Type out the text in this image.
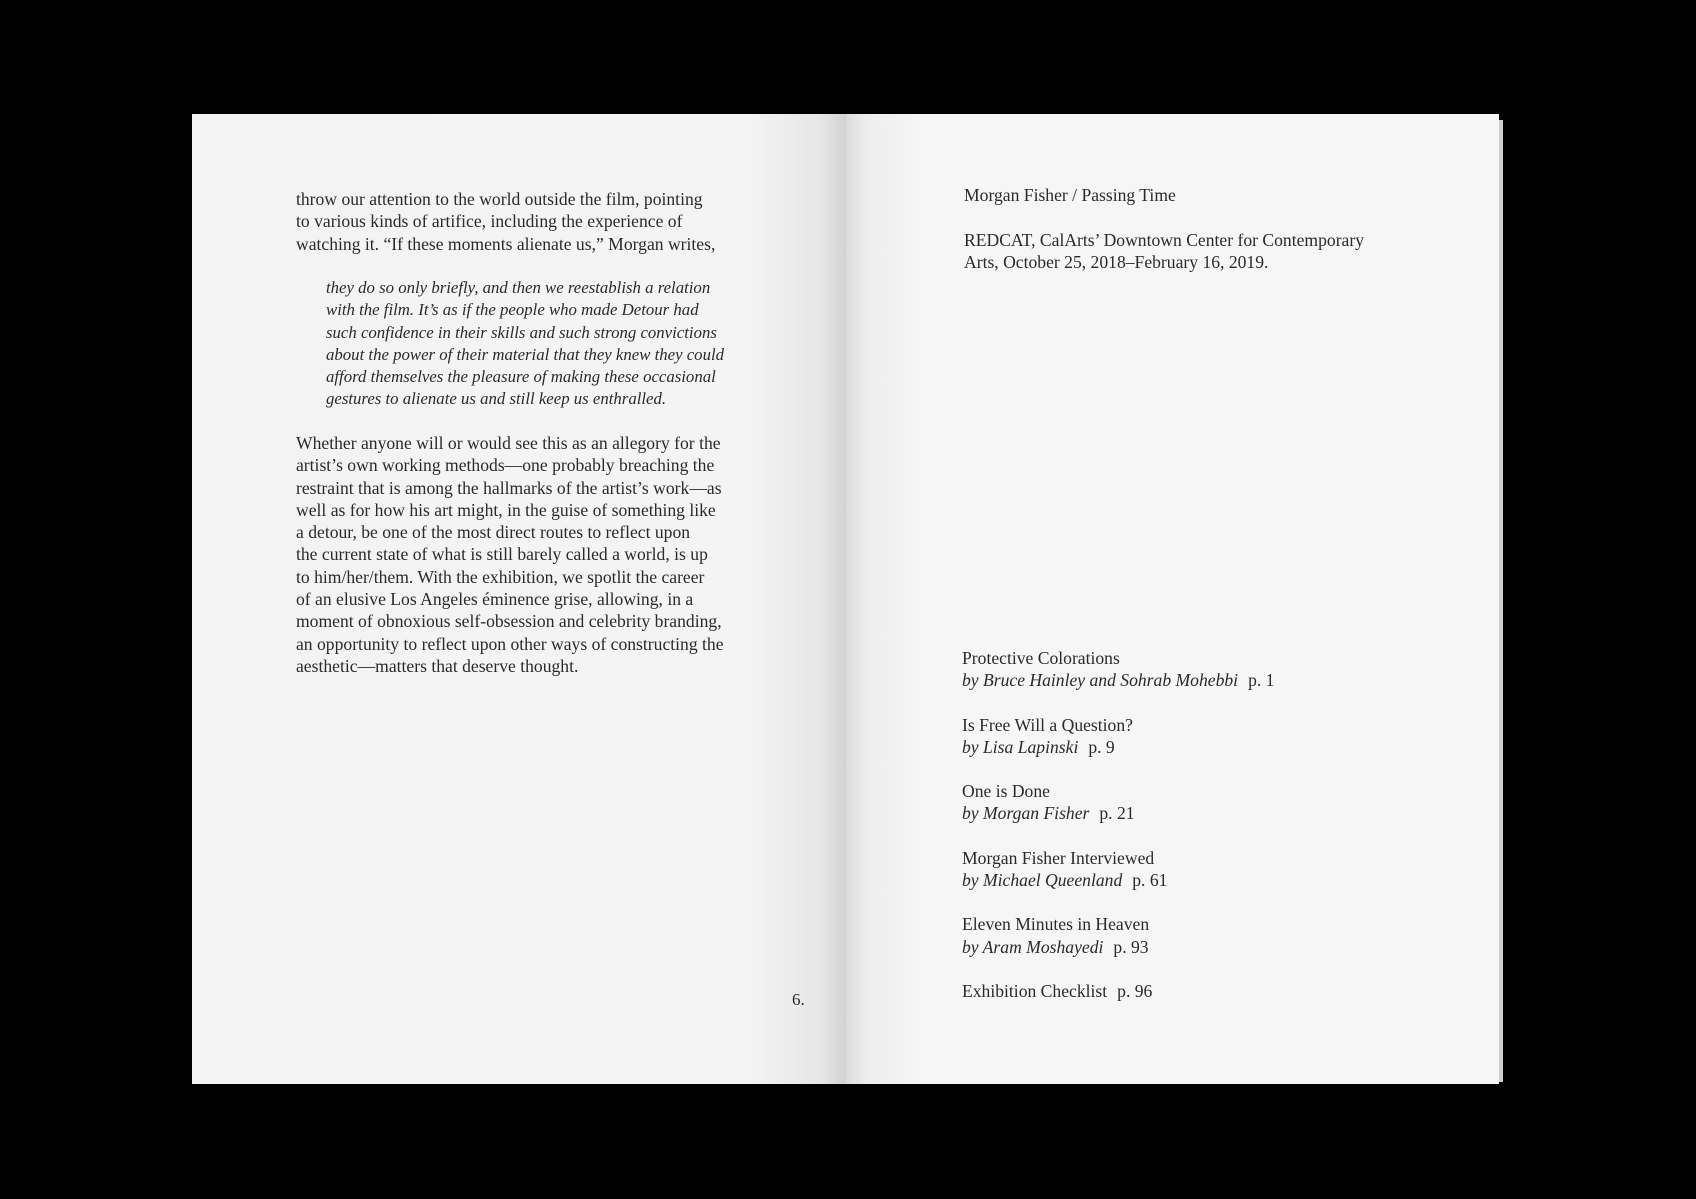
throw our attention to the world outside the film, pointing
to various kinds of artifice, including the experience of
watching it. “If these moments alienate us,” Morgan writes,

they do so only briefly, and then we reestablish a relation
with the film. It’s as if the people who made Detour had
such confidence in their skills and such strong convictions
about the power of their material that they knew they could
afford themselves the pleasure of making these occasional
gestures to alienate us and still keep us enthralled.

Whether anyone will or would see this as an allegory for the
artist’s own working methods—one probably breaching the
restraint that is among the hallmarks of the artist’s work—as
well as for how his art might, in the guise of something like
a detour, be one of the most direct routes to reflect upon
the current state of what is still barely called a world, is up
to him/her/them. With the exhibition, we spotlit the career
of an elusive Los Angeles éminence grise, allowing, in a
moment of obnoxious self-obsession and celebrity branding,
an opportunity to reflect upon other ways of constructing the
aesthetic—matters that deserve thought.

6.
Morgan Fisher / Passing Time
REDCAT, CalArts’ Downtown Center for Contemporary
Arts, October 25, 2018–February 16, 2019.
Protective Colorations
by Bruce Hainley and Sohrab Mohebbi p. 1
Is Free Will a Question?
by Lisa Lapinski p. 9
One is Done
by Morgan Fisher p. 21
Morgan Fisher Interviewed
by Michael Queenland p. 61
Eleven Minutes in Heaven
by Aram Moshayedi p. 93
Exhibition Checklist p. 96
